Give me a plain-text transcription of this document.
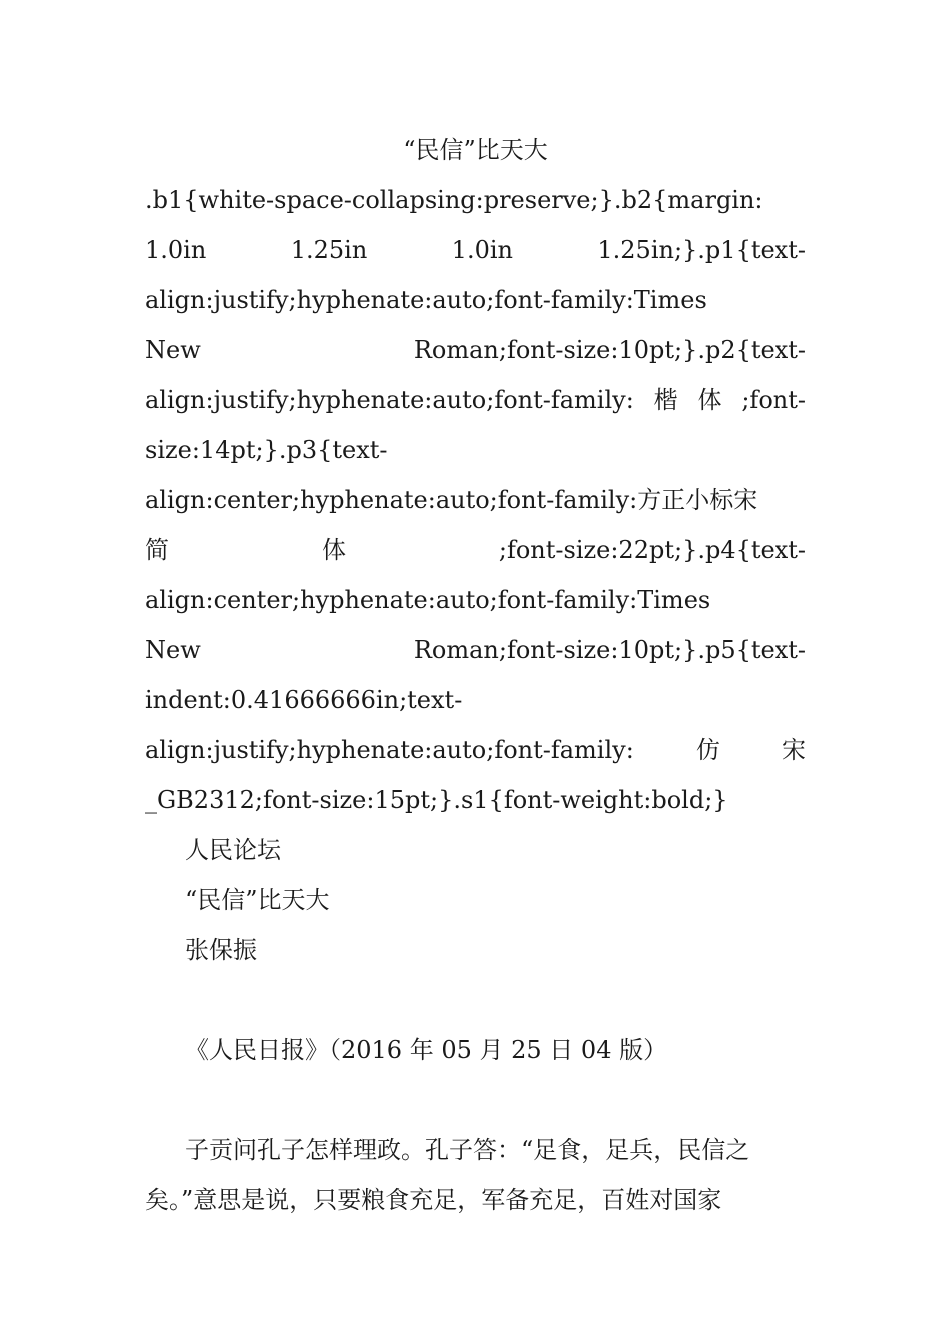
“民信”比天大

.b1{white-space-collapsing:preserve;}.b2{margin:
1.0in	1.25in	1.0in	1.25in;}.p1{text-
align:justify;hyphenate:auto;font-family:Times
New	Roman;font-size:10pt;}.p2{text-
align:justify;hyphenate:auto;font-family: 楷 体 ;font-
size:14pt;}.p3{text-
align:center;hyphenate:auto;font-family:方正小标宋
简	体	;font-size:22pt;}.p4{text-
align:center;hyphenate:auto;font-family:Times
New	Roman;font-size:10pt;}.p5{text-
indent:0.41666666in;text-
align:justify;hyphenate:auto;font-family:	仿	宋
_GB2312;font-size:15pt;}.s1{font-weight:bold;}

人民论坛

“民信”比天大

张保振

《人民日报》（2016 年 05 月 25 日 04 版）

子贡问孔子怎样理政。孔子答：“足食，足兵，民信之
矣。”意思是说，只要粮食充足，军备充足，百姓对国家
